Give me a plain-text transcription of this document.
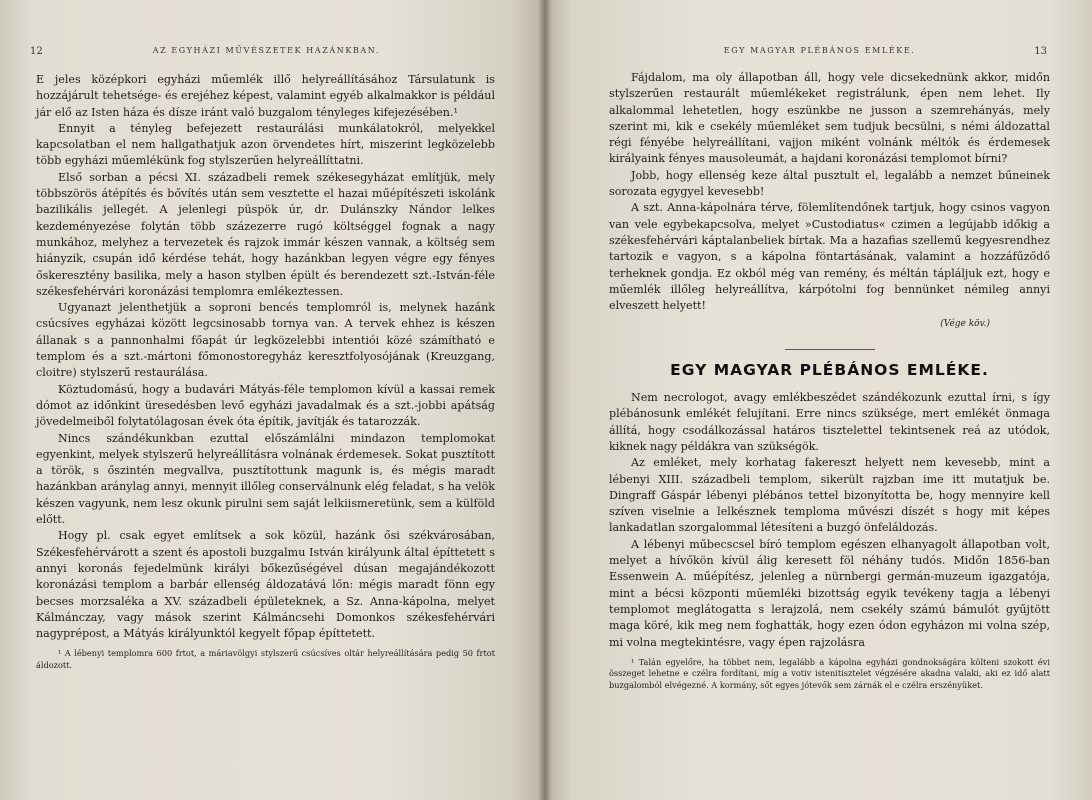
12	AZ EGYHÁZI MŰVÉSZETEK HAZÁNKBAN.

E jeles középkori egyházi műemlék illő helyreállításához Társulatunk is hozzájárult tehetsége- és erejéhez képest, valamint egyéb alkalmakkor is például jár elő az Isten háza és dísze iránt való buzgalom tényleges kifejezésében.¹

Ennyit a tényleg befejezett restaurálási munkálatokról, melyekkel kapcsolatban el nem hallgathatjuk azon örvendetes hírt, miszerint legközelebb több egyházi műemlékünk fog stylszerűen helyreállíttatni.

Első sorban a pécsi XI. századbeli remek székesegyházat említjük, mely többszörös átépítés és bővítés után sem vesztette el hazai műépítészeti iskolánk bazilikális jellegét. A jelenlegi püspök úr, dr. Dulánszky Nándor lelkes kezdeményezése folytán több százezerre rugó költséggel fognak a nagy munkához, melyhez a tervezetek és rajzok immár készen vannak, a költség sem hiányzik, csupán idő kérdése tehát, hogy hazánkban legyen végre egy fényes őskeresztény basilika, mely a hason stylben épült és berendezett szt.-István-féle székesfehérvári koronázási templomra emlékeztessen.

Ugyanazt jelenthetjük a soproni bencés templomról is, melynek hazánk csúcsíves egyházai között legcsinosabb tornya van. A tervek ehhez is készen állanak s a pannonhalmi főapát úr legközelebbi intentiói közé számítható e templom és a szt.-mártoni főmonostoregyház keresztfolyosójának (Kreuzgang, cloitre) stylszerű restaurálása.

Köztudomású, hogy a budavári Mátyás-féle templomon kívül a kassai remek dómot az időnkint üresedésben levő egyházi javadalmak és a szt.-jobbi apátság jövedelmeiből folytatólagosan évek óta építik, javítják és tatarozzák.

Nincs szándékunkban ezuttal előszámlálni mindazon templomokat egyenkint, melyek stylszerű helyreállításra volnának érdemesek. Sokat pusztított a török, s őszintén megvallva, pusztítottunk magunk is, és mégis maradt hazánkban aránylag annyi, mennyit illőleg conserválnunk elég feladat, s ha velök készen vagyunk, nem lesz okunk pirulni sem saját lelkiismeretünk, sem a külföld előtt.

Hogy pl. csak egyet említsek a sok közül, hazánk ősi székvárosában, Székesfehérvárott a szent és apostoli buzgalmu István királyunk által építtetett s annyi koronás fejedelmünk királyi bőkezűségével dúsan megajándékozott koronázási templom a barbár ellenség áldozatává lőn: mégis maradt fönn egy becses morzsaléka a XV. századbeli épületeknek, a Sz. Anna-kápolna, melyet Kálmánczay, vagy mások szerint Kálmáncsehi Domonkos székesfehérvári nagyprépost, a Mátyás királyunktól kegyelt főpap építtetett.

¹ A lébenyi templomra 600 frtot, a máriavölgyi stylszerű csúcsíves oltár helyreállítására pedig 50 frtot áldozott.

EGY MAGYAR PLÉBÁNOS EMLÉKE.	13

Fájdalom, ma oly állapotban áll, hogy vele dicsekednünk akkor, midőn stylszerűen restaurált műemlékeket registrálunk, épen nem lehet. Ily alkalommal lehetetlen, hogy eszünkbe ne jusson a szemrehányás, mely szerint mi, kik e csekély műemléket sem tudjuk becsülni, s némi áldozattal régi fényébe helyreállítani, vajjon miként volnánk méltók és érdemesek királyaink fényes mausoleumát, a hajdani koronázási templomot bírni?

Jobb, hogy ellenség keze által pusztult el, legalább a nemzet bűneinek sorozata egygyel kevesebb!

A szt. Anna-kápolnára térve, fölemlítendőnek tartjuk, hogy csinos vagyon van vele egybekapcsolva, melyet »Custodiatus« czimen a legújabb időkig a székesfehérvári káptalanbeliek bírtak. Ma a hazafias szellemű kegyesrendhez tartozik e vagyon, s a kápolna föntartásának, valamint a hozzáfűződő terheknek gondja. Ez okból még van remény, és méltán tápláljuk ezt, hogy e műemlék illőleg helyreállítva, kárpótolni fog bennünket némileg annyi elveszett helyett!

(Vége köv.)
EGY MAGYAR PLÉBÁNOS EMLÉKE.

Nem necrologot, avagy emlékbeszédet szándékozunk ezuttal írni, s így plébánosunk emlékét felujítani. Erre nincs szüksége, mert emlékét önmaga állítá, hogy csodálkozással határos tisztelettel tekintsenek reá az utódok, kiknek nagy példákra van szükségök.

Az emléket, mely korhatag fakereszt helyett nem kevesebb, mint a lébenyi XIII. századbeli templom, sikerült rajzban ime itt mutatjuk be. Dingraff Gáspár lébenyi plébános tettel bizonyította be, hogy mennyire kell szíven viselnie a lelkésznek temploma művészi díszét s hogy mit képes lankadatlan szorgalommal létesíteni a buzgó önfeláldozás.

A lébenyi műbecscsel bíró templom egészen elhanyagolt állapotban volt, melyet a hívőkön kívül álig keresett föl néhány tudós. Midőn 1856-ban Essenwein A. műépítész, jelenleg a nürnbergi germán-muzeum igazgatója, mint a bécsi központi műemléki bizottság egyik tevékeny tagja a lébenyi templomot meglátogatta s lerajzolá, nem csekély számú bámulót gyűjtött maga köré, kik meg nem foghatták, hogy ezen ódon egyházon mi volna szép, mi volna megtekintésre, vagy épen rajzolásra

¹ Talán egyelőre, ha többet nem, legalább a kápolna egyházi gondnokságára költeni szokott évi összeget lehetne e czélra fordítani, míg a votiv istenitisztelet végzésére akadna valaki, aki ez idő alatt buzgalomból elvégezné. A kormány, sőt egyes jótevők sem zárnák el e czélra erszényüket.
